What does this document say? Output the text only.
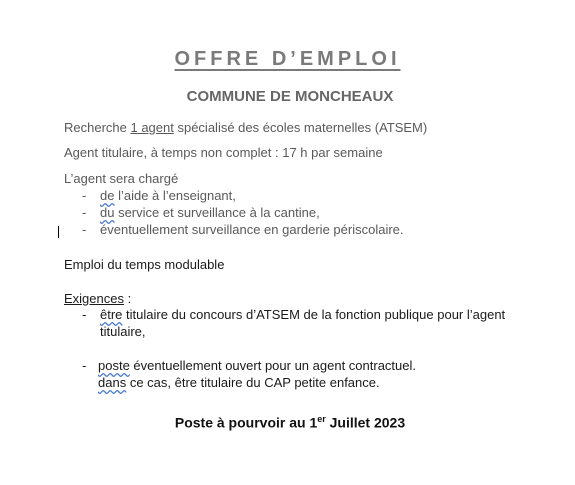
OFFRE D’EMPLOI
COMMUNE DE MONCHEAUX
Recherche 1 agent spécialisé des écoles maternelles (ATSEM)
Agent titulaire, à temps non complet : 17 h par semaine
L’agent sera chargé
- de l’aide à l’enseignant,
- du service et surveillance à la cantine,
- éventuellement surveillance en garderie périscolaire.
Emploi du temps modulable
Exigences :
- être titulaire du concours d’ATSEM de la fonction publique pour l’agent
titulaire,
- poste éventuellement ouvert pour un agent contractuel.
dans ce cas, être titulaire du CAP petite enfance.
Poste à pourvoir au 1er Juillet 2023
